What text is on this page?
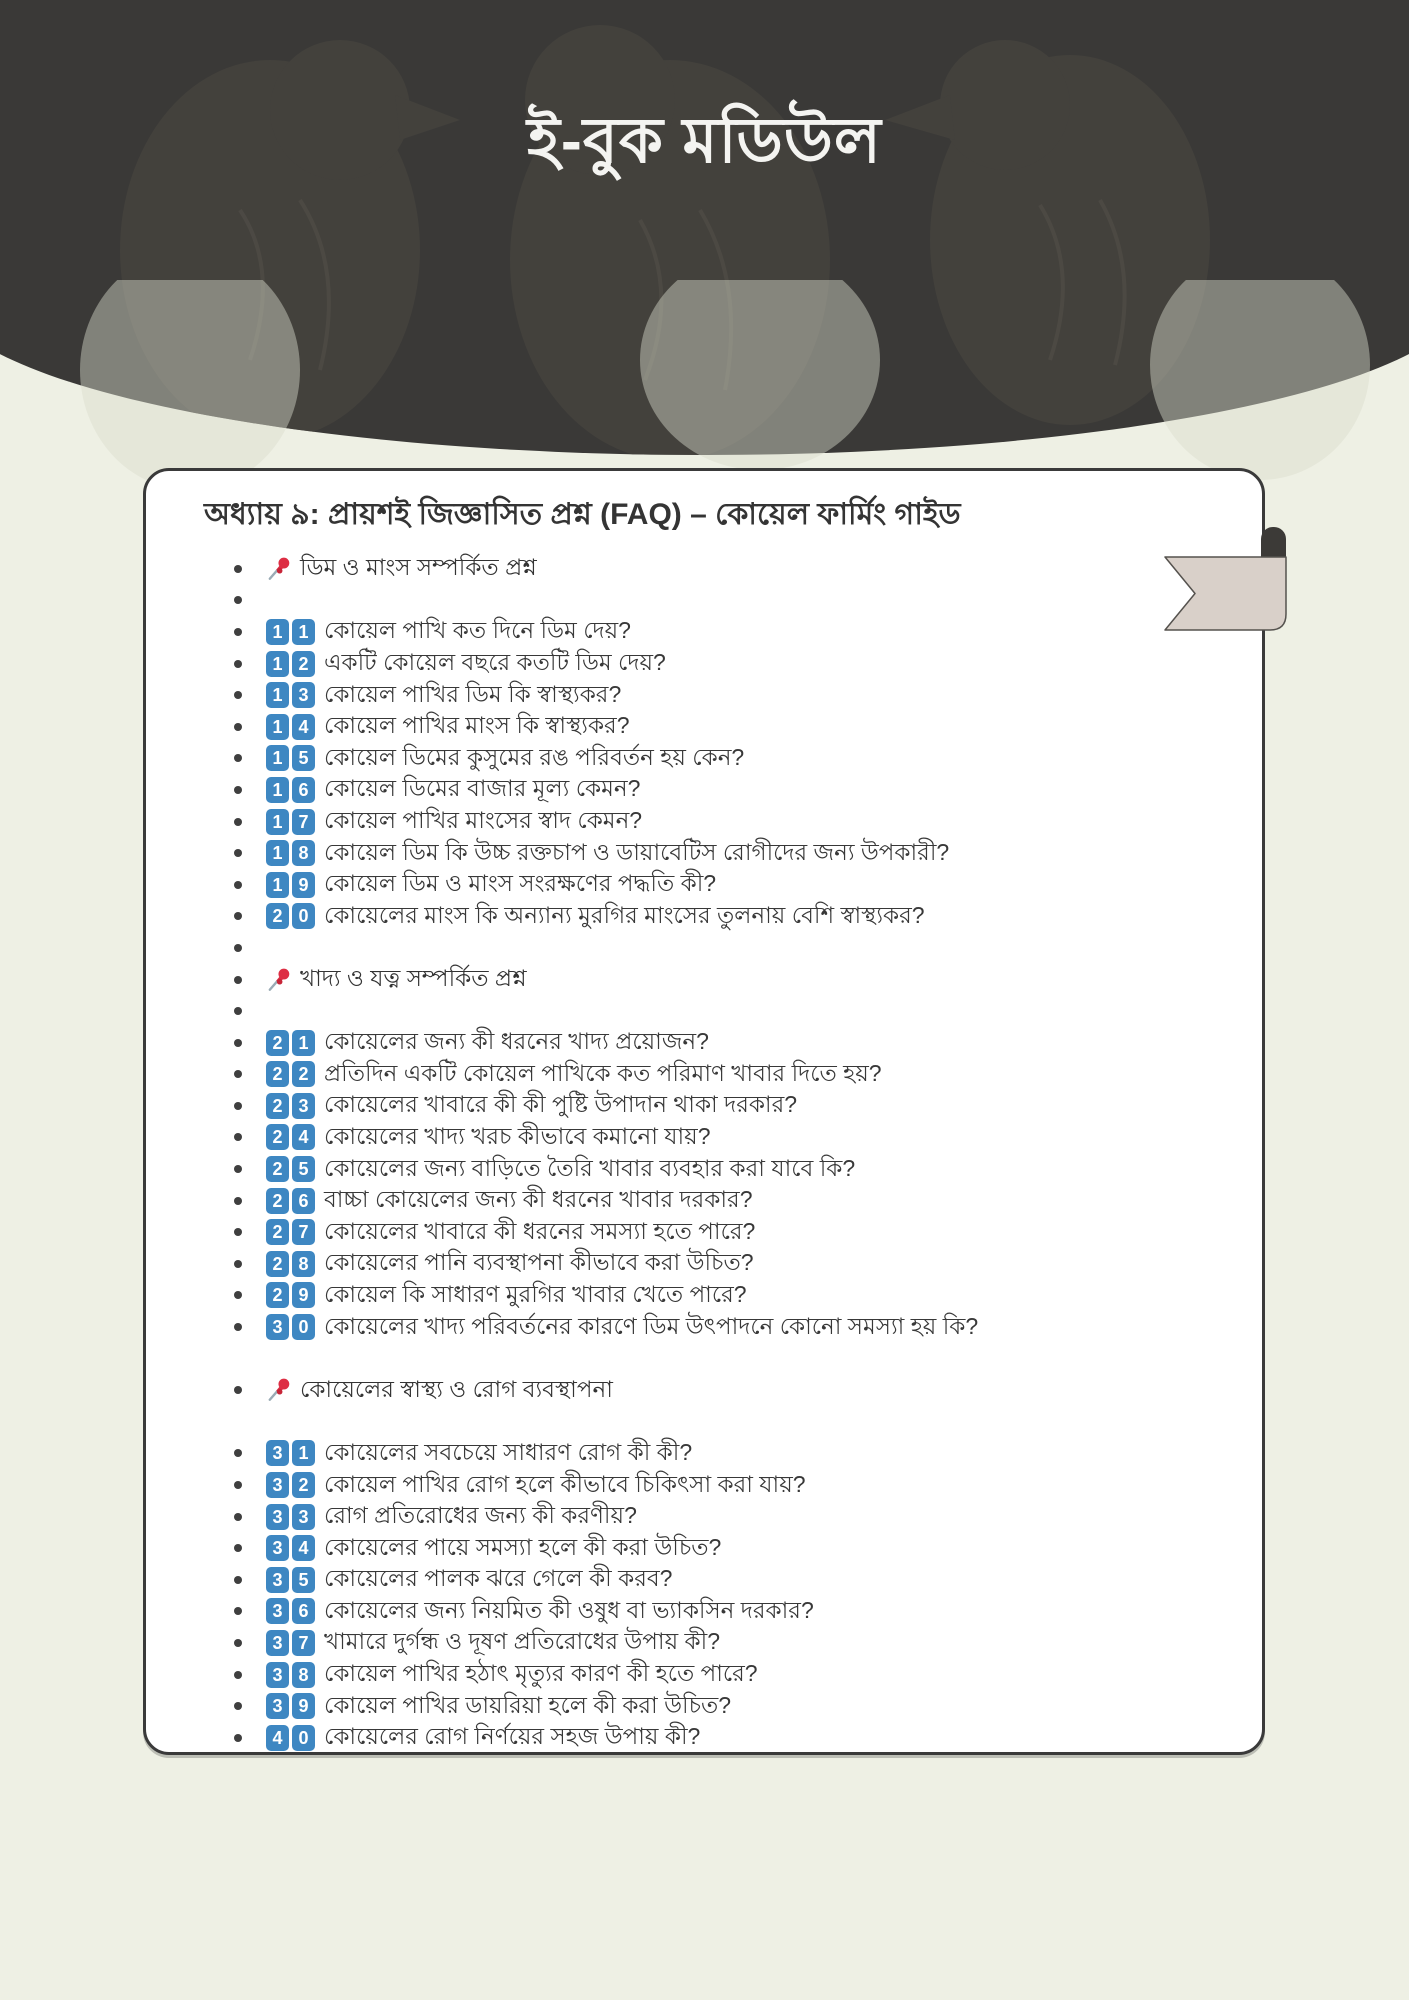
ই-বুক মডিউল
অধ্যায় ৯: প্রায়শই জিজ্ঞাসিত প্রশ্ন (FAQ) – কোয়েল ফার্মিং গাইড
ডিম ও মাংস সম্পর্কিত প্রশ্ন
1 1 কোয়েল পাখি কত দিনে ডিম দেয়?
1 2 একটি কোয়েল বছরে কতটি ডিম দেয়?
1 3 কোয়েল পাখির ডিম কি স্বাস্থ্যকর?
1 4 কোয়েল পাখির মাংস কি স্বাস্থ্যকর?
1 5 কোয়েল ডিমের কুসুমের রঙ পরিবর্তন হয় কেন?
1 6 কোয়েল ডিমের বাজার মূল্য কেমন?
1 7 কোয়েল পাখির মাংসের স্বাদ কেমন?
1 8 কোয়েল ডিম কি উচ্চ রক্তচাপ ও ডায়াবেটিস রোগীদের জন্য উপকারী?
1 9 কোয়েল ডিম ও মাংস সংরক্ষণের পদ্ধতি কী?
2 0 কোয়েলের মাংস কি অন্যান্য মুরগির মাংসের তুলনায় বেশি স্বাস্থ্যকর?
খাদ্য ও যত্ন সম্পর্কিত প্রশ্ন
2 1 কোয়েলের জন্য কী ধরনের খাদ্য প্রয়োজন?
2 2 প্রতিদিন একটি কোয়েল পাখিকে কত পরিমাণ খাবার দিতে হয়?
2 3 কোয়েলের খাবারে কী কী পুষ্টি উপাদান থাকা দরকার?
2 4 কোয়েলের খাদ্য খরচ কীভাবে কমানো যায়?
2 5 কোয়েলের জন্য বাড়িতে তৈরি খাবার ব্যবহার করা যাবে কি?
2 6 বাচ্চা কোয়েলের জন্য কী ধরনের খাবার দরকার?
2 7 কোয়েলের খাবারে কী ধরনের সমস্যা হতে পারে?
2 8 কোয়েলের পানি ব্যবস্থাপনা কীভাবে করা উচিত?
2 9 কোয়েল কি সাধারণ মুরগির খাবার খেতে পারে?
3 0 কোয়েলের খাদ্য পরিবর্তনের কারণে ডিম উৎপাদনে কোনো সমস্যা হয় কি?
কোয়েলের স্বাস্থ্য ও রোগ ব্যবস্থাপনা
3 1 কোয়েলের সবচেয়ে সাধারণ রোগ কী কী?
3 2 কোয়েল পাখির রোগ হলে কীভাবে চিকিৎসা করা যায়?
3 3 রোগ প্রতিরোধের জন্য কী করণীয়?
3 4 কোয়েলের পায়ে সমস্যা হলে কী করা উচিত?
3 5 কোয়েলের পালক ঝরে গেলে কী করব?
3 6 কোয়েলের জন্য নিয়মিত কী ওষুধ বা ভ্যাকসিন দরকার?
3 7 খামারে দুর্গন্ধ ও দূষণ প্রতিরোধের উপায় কী?
3 8 কোয়েল পাখির হঠাৎ মৃত্যুর কারণ কী হতে পারে?
3 9 কোয়েল পাখির ডায়রিয়া হলে কী করা উচিত?
4 0 কোয়েলের রোগ নির্ণয়ের সহজ উপায় কী?
